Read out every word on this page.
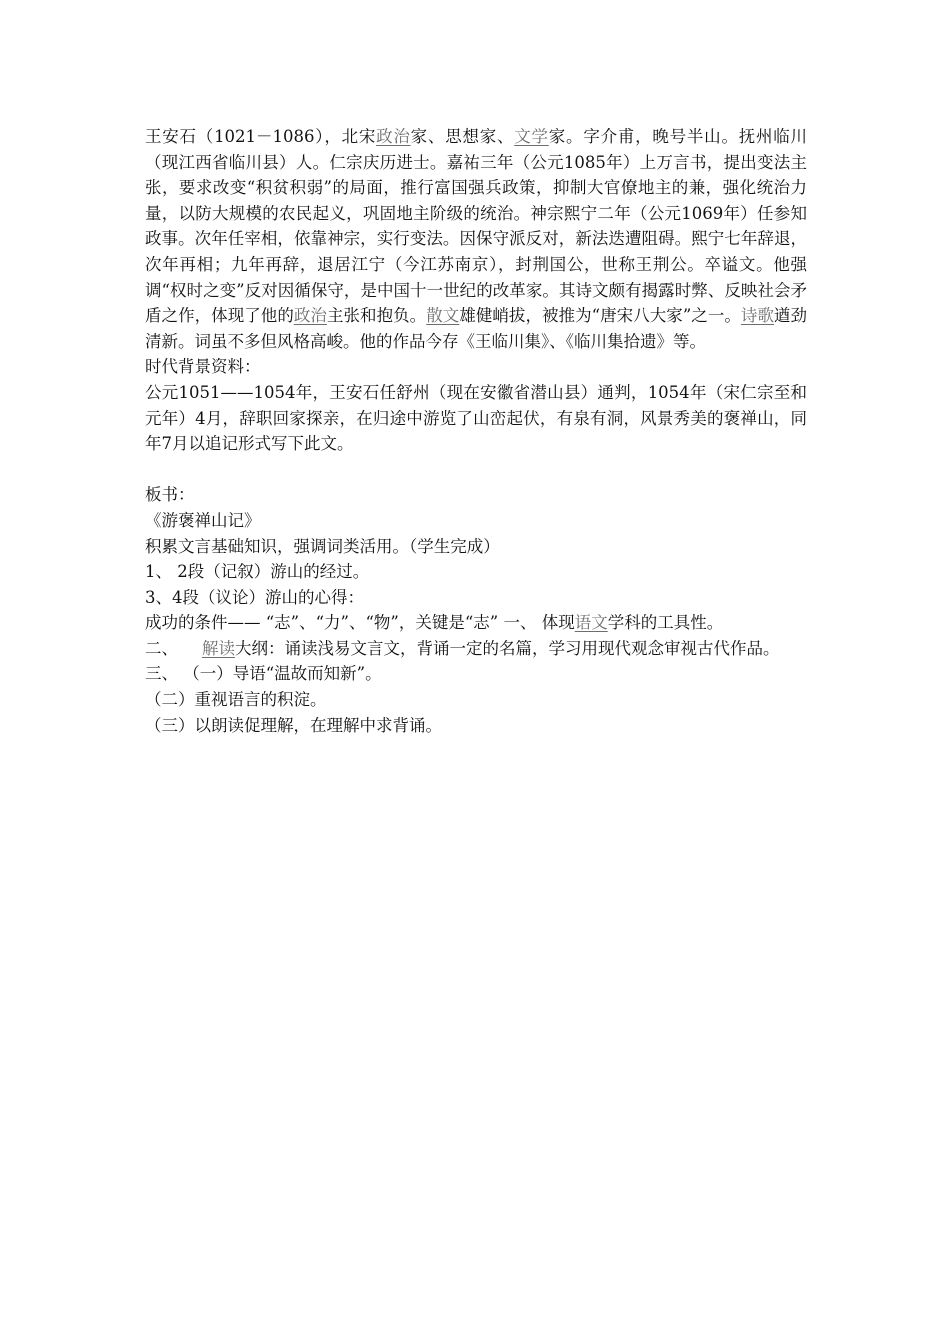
王安石（1021－1086），北宋政治家、思想家、文学家。字介甫，晚号半山。抚州临川（现江西省临川县）人。仁宗庆历进士。嘉祐三年（公元1085年）上万言书，提出变法主张，要求改变“积贫积弱”的局面，推行富国强兵政策，抑制大官僚地主的兼，强化统治力量，以防大规模的农民起义，巩固地主阶级的统治。神宗熙宁二年（公元1069年）任参知政事。次年任宰相，依靠神宗，实行变法。因保守派反对，新法迭遭阻碍。熙宁七年辞退，次年再相；九年再辞，退居江宁（今江苏南京），封荆国公，世称王荆公。卒谥文。他强调“权时之变”反对因循保守，是中国十一世纪的改革家。其诗文颇有揭露时弊、反映社会矛盾之作，体现了他的政治主张和抱负。散文雄健峭拔，被推为“唐宋八大家”之一。诗歌遒劲清新。词虽不多但风格高峻。他的作品今存《王临川集》、《临川集拾遗》等。

时代背景资料：

公元1051——1054年，王安石任舒州（现在安徽省潜山县）通判，1054年（宋仁宗至和元年）4月，辞职回家探亲，在归途中游览了山峦起伏，有泉有洞，风景秀美的褒禅山，同年7月以追记形式写下此文。

板书：

《游褒禅山记》

积累文言基础知识，强调词类活用。（学生完成）

1、 2段（记叙）游山的经过。

3、4段（议论）游山的心得：

成功的条件—— “志”、“力”、“物”，关键是“志” 一、 体现语文学科的工具性。

二、 解读大纲：诵读浅易文言文，背诵一定的名篇，学习用现代观念审视古代作品。

三、 （一）导语“温故而知新”。

（二）重视语言的积淀。

（三）以朗读促理解，在理解中求背诵。
